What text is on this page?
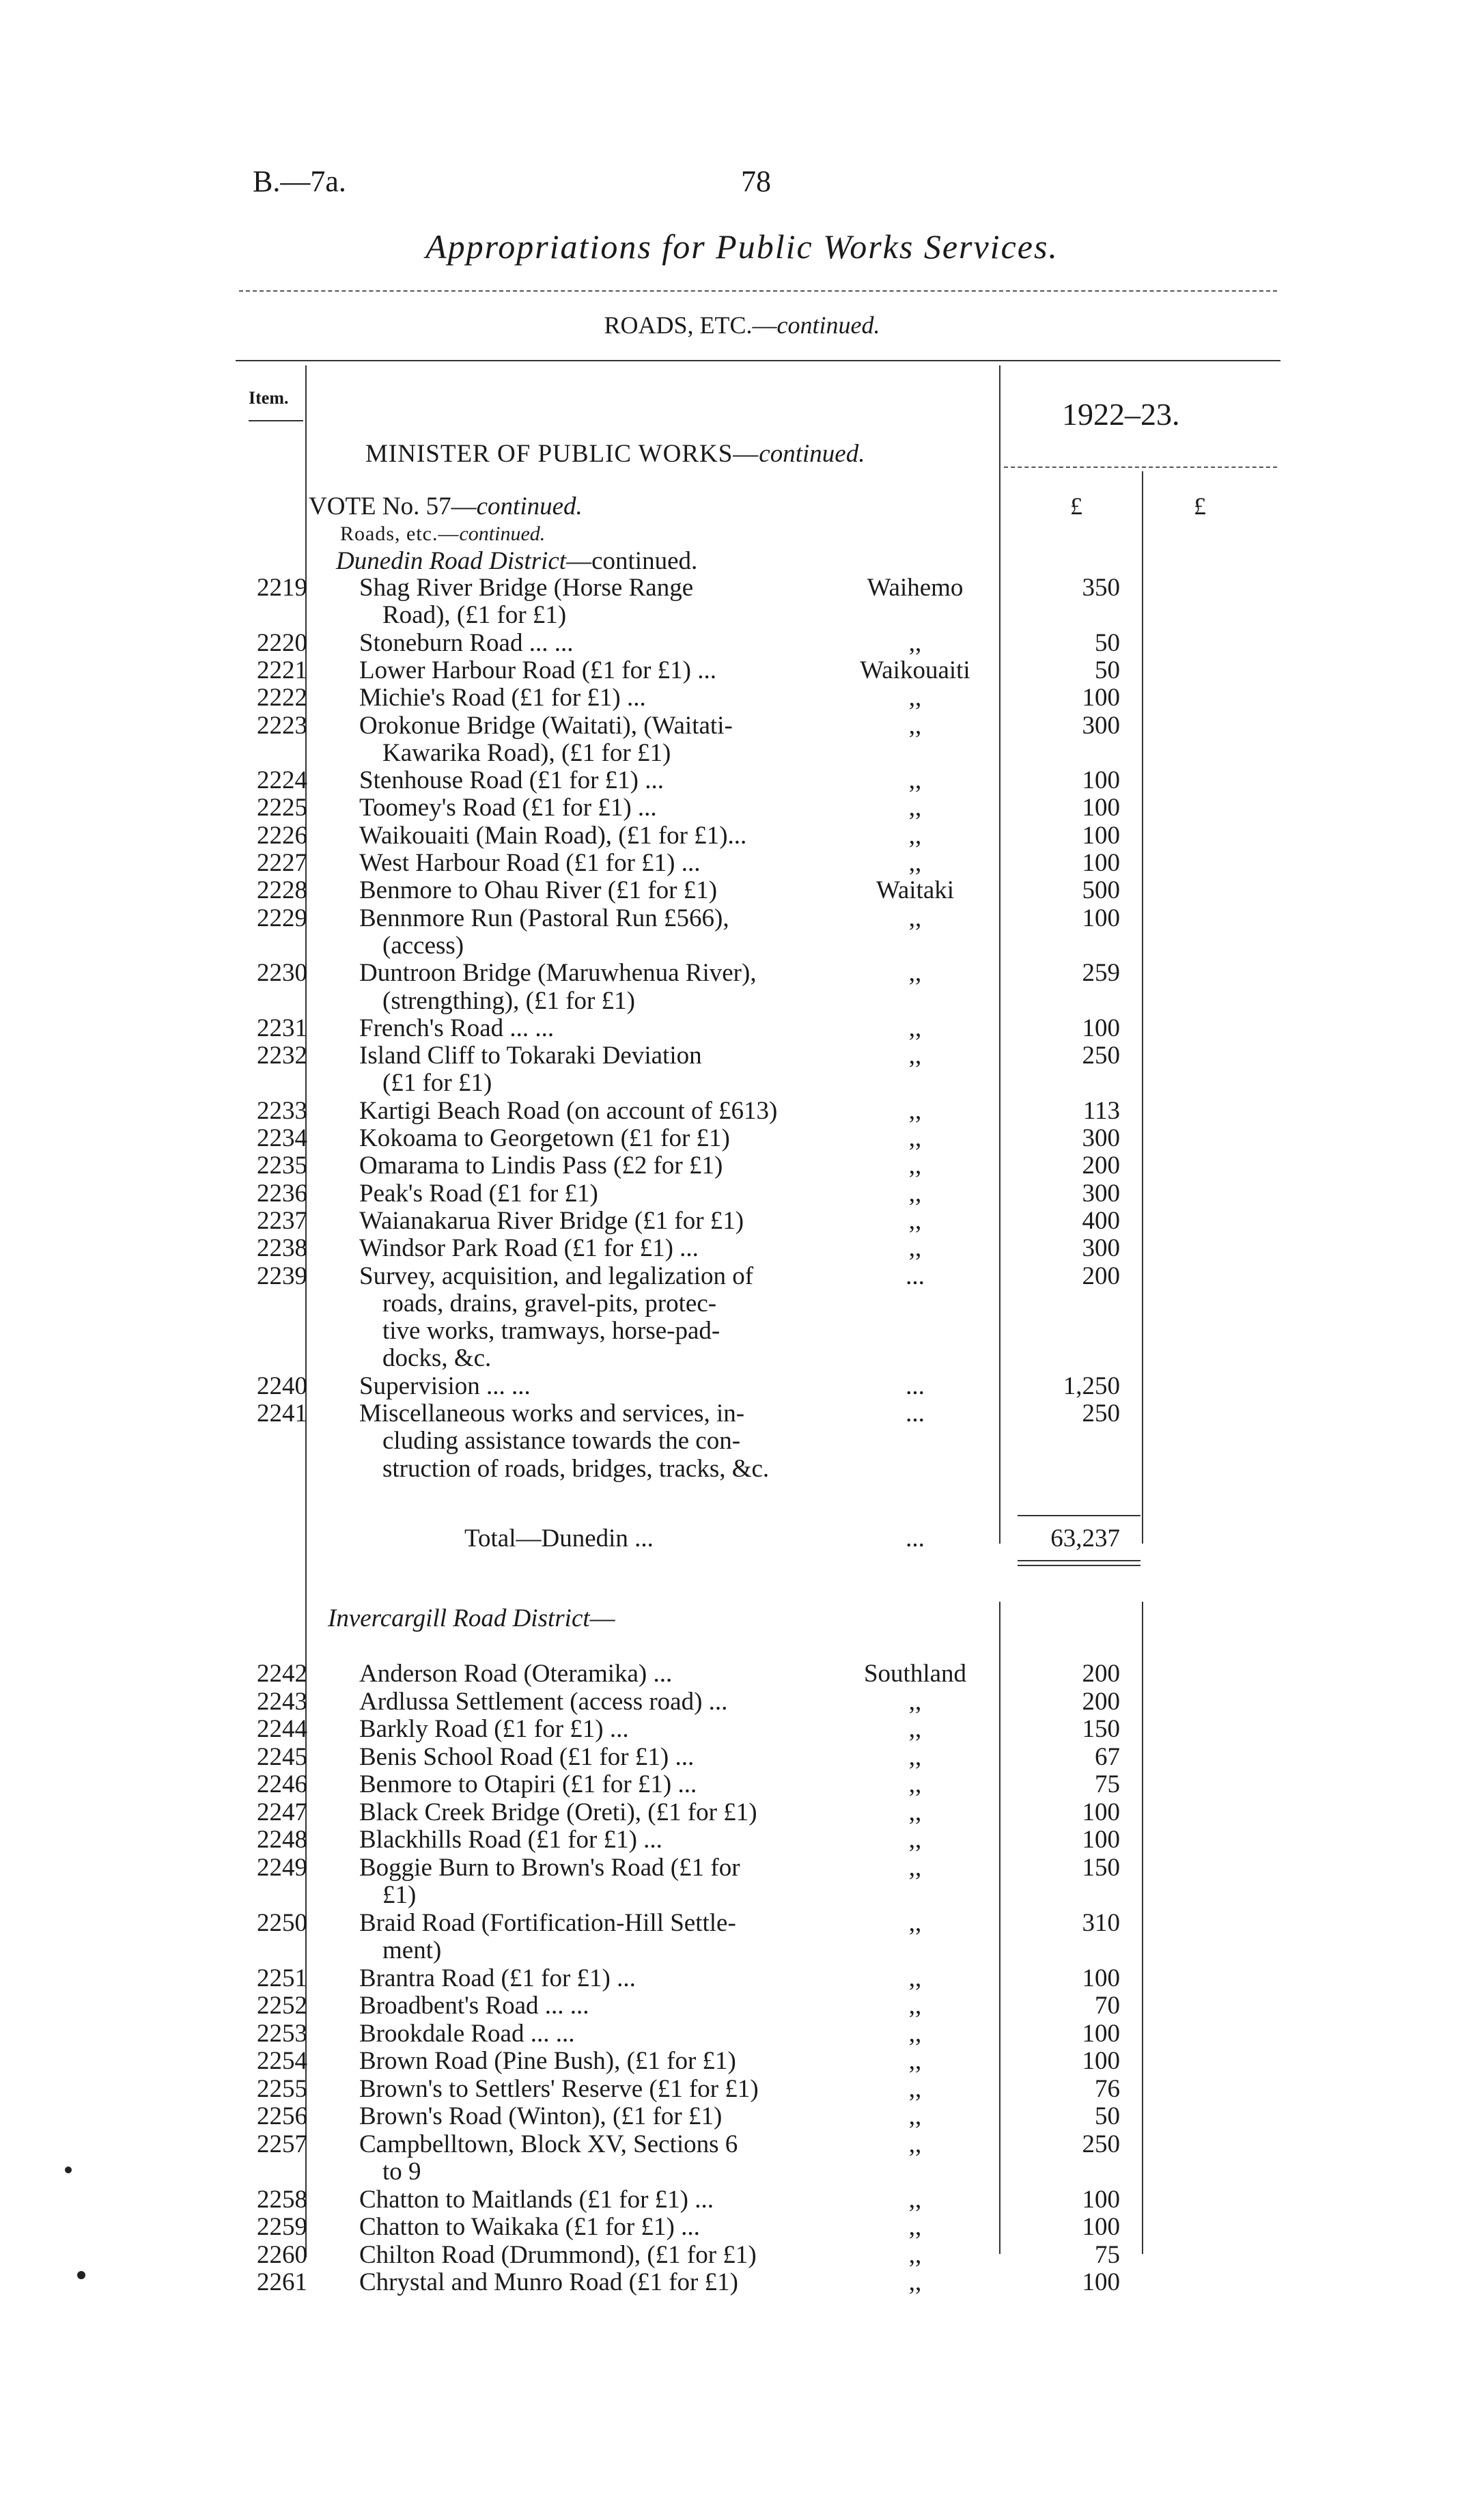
B.—7a.	78
Appropriations for Public Works Services.
ROADS, ETC.—continued.
Item.	1922–23.
MINISTER OF PUBLIC WORKS—continued.
£	£
VOTE No. 57—continued.
Roads, etc.—continued.
Dunedin Road District—continued.
2219 Shag River Bridge (Horse Range	Waihemo	350
Road), (£1 for £1)
2220 Stoneburn Road ... ...	,,	50
2221 Lower Harbour Road (£1 for £1) ...	Waikouaiti	50
2222 Michie's Road (£1 for £1) ...	,,	100
2223 Orokonue Bridge (Waitati), (Waitati-	,,	300
Kawarika Road), (£1 for £1)
2224 Stenhouse Road (£1 for £1) ...	,,	100
2225 Toomey's Road (£1 for £1) ...	,,	100
2226 Waikouaiti (Main Road), (£1 for £1)...	,,	100
2227 West Harbour Road (£1 for £1) ...	,,	100
2228 Benmore to Ohau River (£1 for £1)	Waitaki	500
2229 Bennmore Run (Pastoral Run £566),	,,	100
(access)
2230 Duntroon Bridge (Maruwhenua River),	,,	259
(strengthing), (£1 for £1)
2231 French's Road ... ...	,,	100
2232 Island Cliff to Tokaraki Deviation	,,	250
(£1 for £1)
2233 Kartigi Beach Road (on account of £613)	,,	113
2234 Kokoama to Georgetown (£1 for £1)	,,	300
2235 Omarama to Lindis Pass (£2 for £1)	,,	200
2236 Peak's Road (£1 for £1)	,,	300
2237 Waianakarua River Bridge (£1 for £1)	,,	400
2238 Windsor Park Road (£1 for £1) ...	,,	300
2239 Survey, acquisition, and legalization of	...	200
roads, drains, gravel-pits, protec-
tive works, tramways, horse-pad-
docks, &c.
2240 Supervision ... ...	...	1,250
2241 Miscellaneous works and services, in-	...	250
cluding assistance towards the con-
struction of roads, bridges, tracks, &c.
Total—Dunedin ...	...	63,237
Invercargill Road District—
2242 Anderson Road (Oteramika) ...	Southland	200
2243 Ardlussa Settlement (access road) ...	,,	200
2244 Barkly Road (£1 for £1) ...	,,	150
2245 Benis School Road (£1 for £1) ...	,,	67
2246 Benmore to Otapiri (£1 for £1) ...	,,	75
2247 Black Creek Bridge (Oreti), (£1 for £1)	,,	100
2248 Blackhills Road (£1 for £1) ...	,,	100
2249 Boggie Burn to Brown's Road (£1 for	,,	150
£1)
2250 Braid Road (Fortification-Hill Settle-	,,	310
ment)
2251 Brantra Road (£1 for £1) ...	,,	100
2252 Broadbent's Road ... ...	,,	70
2253 Brookdale Road ... ...	,,	100
2254 Brown Road (Pine Bush), (£1 for £1)	,,	100
2255 Brown's to Settlers' Reserve (£1 for £1)	,,	76
2256 Brown's Road (Winton), (£1 for £1)	,,	50
2257 Campbelltown, Block XV, Sections 6	,,	250
to 9
2258 Chatton to Maitlands (£1 for £1) ...	,,	100
2259 Chatton to Waikaka (£1 for £1) ...	,,	100
2260 Chilton Road (Drummond), (£1 for £1)	,,	75
2261 Chrystal and Munro Road (£1 for £1)	,,	100
